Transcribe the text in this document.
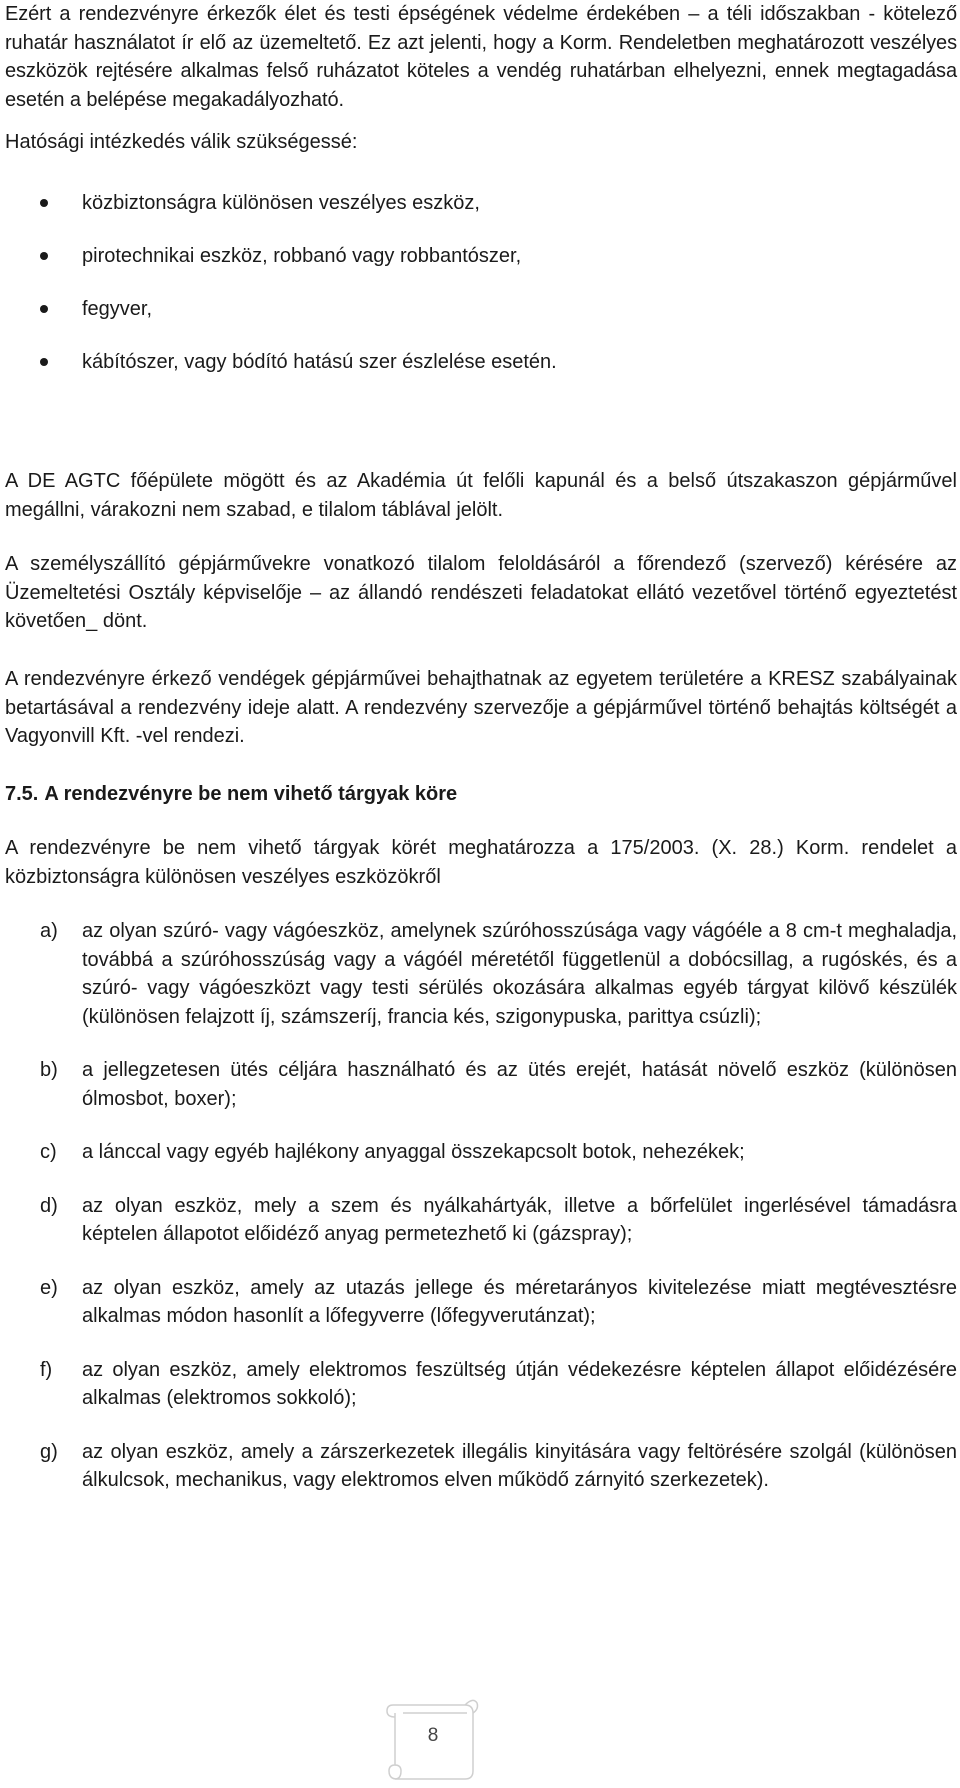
Ezért a rendezvényre érkezők élet és testi épségének védelme érdekében – a téli időszakban - kötelező ruhatár használatot ír elő az üzemeltető. Ez azt jelenti, hogy a Korm. Rendeletben meghatározott veszélyes eszközök rejtésére alkalmas felső ruházatot köteles a vendég ruhatárban elhelyezni, ennek megtagadása esetén a belépése megakadályozható.

Hatósági intézkedés válik szükségessé:

közbiztonságra különösen veszélyes eszköz,
pirotechnikai eszköz, robbanó vagy robbantószer,
fegyver,
kábítószer, vagy bódító hatású szer észlelése esetén.

A DE AGTC főépülete mögött és az Akadémia út felőli kapunál és a belső útszakaszon gépjárművel megállni, várakozni nem szabad, e tilalom táblával jelölt.

A személyszállító gépjárművekre vonatkozó tilalom feloldásáról a főrendező (szervező) kérésére az Üzemeltetési Osztály képviselője – az állandó rendészeti feladatokat ellátó vezetővel történő egyeztetést követően_ dönt.

A rendezvényre érkező vendégek gépjárművei behajthatnak az egyetem területére a KRESZ szabályainak betartásával a rendezvény ideje alatt. A rendezvény szervezője a gépjárművel történő behajtás költségét a Vagyonvill Kft. -vel rendezi.

7.5. A rendezvényre be nem vihető tárgyak köre

A rendezvényre be nem vihető tárgyak körét meghatározza a 175/2003. (X. 28.) Korm. rendelet a közbiztonságra különösen veszélyes eszközökről

a) az olyan szúró- vagy vágóeszköz, amelynek szúróhosszúsága vagy vágóéle a 8 cm-t meghaladja, továbbá a szúróhosszúság vagy a vágóél méretétől függetlenül a dobócsillag, a rugóskés, és a szúró- vagy vágóeszközt vagy testi sérülés okozására alkalmas egyéb tárgyat kilövő készülék (különösen felajzott íj, számszeríj, francia kés, szigonypuska, parittya csúzli);
b) a jellegzetesen ütés céljára használható és az ütés erejét, hatását növelő eszköz (különösen ólmosbot, boxer);
c) a lánccal vagy egyéb hajlékony anyaggal összekapcsolt botok, nehezékek;
d) az olyan eszköz, mely a szem és nyálkahártyák, illetve a bőrfelület ingerlésével támadásra képtelen állapotot előidéző anyag permetezhető ki (gázspray);
e) az olyan eszköz, amely az utazás jellege és méretarányos kivitelezése miatt megtévesztésre alkalmas módon hasonlít a lőfegyverre (lőfegyverutánzat);
f) az olyan eszköz, amely elektromos feszültség útján védekezésre képtelen állapot előidézésére alkalmas (elektromos sokkoló);
g) az olyan eszköz, amely a zárszerkezetek illegális kinyitására vagy feltörésére szolgál (különösen álkulcsok, mechanikus, vagy elektromos elven működő zárnyitó szerkezetek).
8
